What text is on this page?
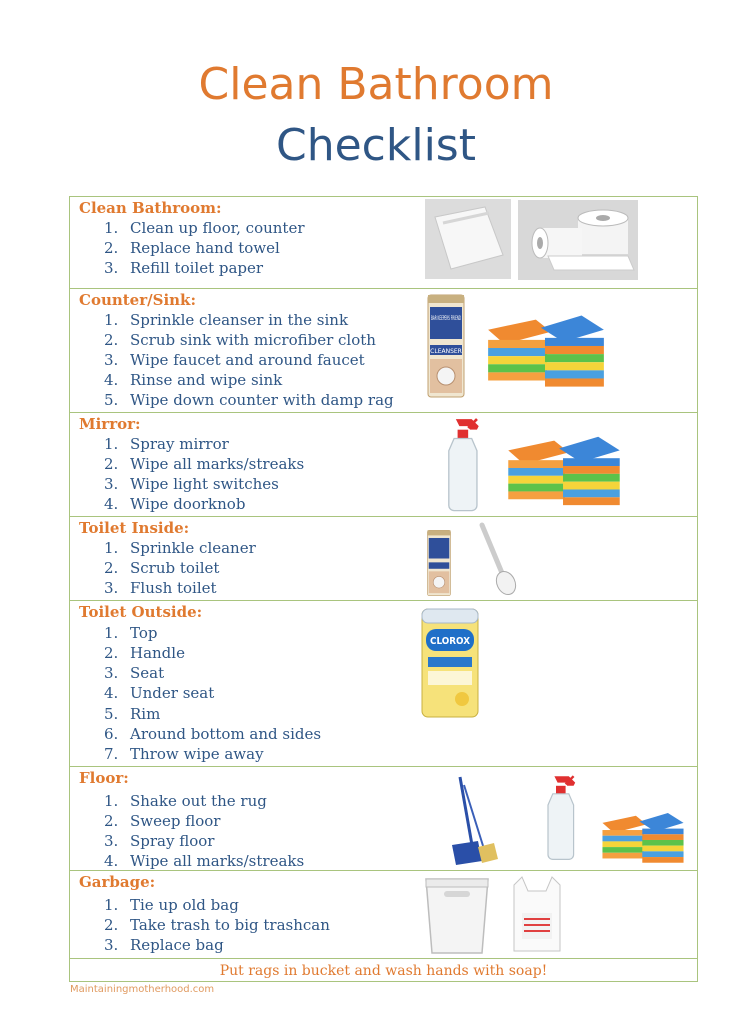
Clean Bathroom
Checklist
Clean Bathroom:
1. Clean up floor, counter
2. Replace hand towel
3. Refill toilet paper
Counter/Sink:
1. Sprinkle cleanser in the sink
2. Scrub sink with microfiber cloth
3. Wipe faucet and around faucet
4. Rinse and wipe sink
5. Wipe down counter with damp rag
BAR KEEPERS FRIEND
CLEANSER
Mirror:
1. Spray mirror
2. Wipe all marks/streaks
3. Wipe light switches
4. Wipe doorknob
Toilet Inside:
1. Sprinkle cleaner
2. Scrub toilet
3. Flush toilet
Toilet Outside:
1. Top
2. Handle
3. Seat
4. Under seat
5. Rim
6. Around bottom and sides
7. Throw wipe away
CLOROX
Floor:
1. Shake out the rug
2. Sweep floor
3. Spray floor
4. Wipe all marks/streaks
Garbage:
1. Tie up old bag
2. Take trash to big trashcan
3. Replace bag
Put rags in bucket and wash hands with soap!
Maintainingmotherhood.com
